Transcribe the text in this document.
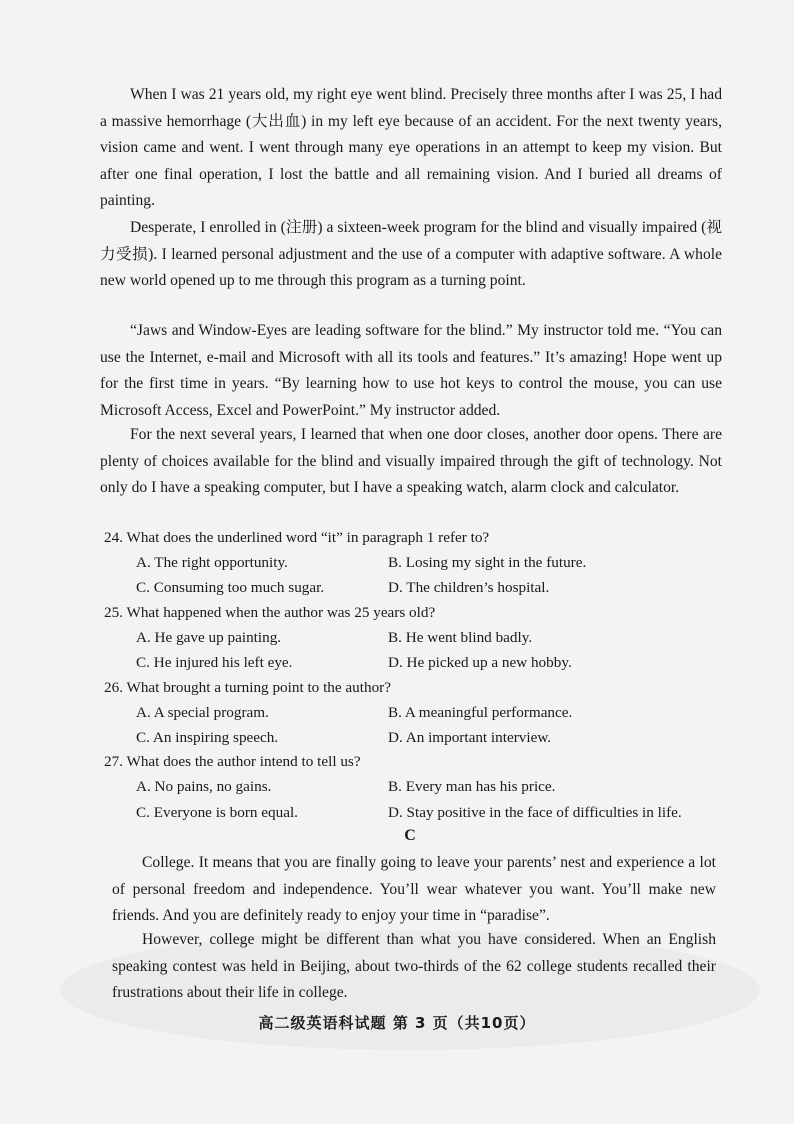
When I was 21 years old, my right eye went blind. Precisely three months after I was 25, I had a massive hemorrhage (大出血) in my left eye because of an accident. For the next twenty years, vision came and went. I went through many eye operations in an attempt to keep my vision. But after one final operation, I lost the battle and all remaining vision. And I buried all dreams of painting.

Desperate, I enrolled in (注册) a sixteen-week program for the blind and visually impaired (视力受损). I learned personal adjustment and the use of a computer with adaptive software. A whole new world opened up to me through this program as a turning point.

“Jaws and Window-Eyes are leading software for the blind.” My instructor told me. “You can use the Internet, e-mail and Microsoft with all its tools and features.” It’s amazing! Hope went up for the first time in years. “By learning how to use hot keys to control the mouse, you can use Microsoft Access, Excel and PowerPoint.” My instructor added.

For the next several years, I learned that when one door closes, another door opens. There are plenty of choices available for the blind and visually impaired through the gift of technology. Not only do I have a speaking computer, but I have a speaking watch, alarm clock and calculator.

24. What does the underlined word “it” in paragraph 1 refer to?

A. The right opportunity.	B. Losing my sight in the future.
C. Consuming too much sugar.	D. The children’s hospital.

25. What happened when the author was 25 years old?

A. He gave up painting.	B. He went blind badly.
C. He injured his left eye.	D. He picked up a new hobby.

26. What brought a turning point to the author?

A. A special program.	B. A meaningful performance.
C. An inspiring speech.	D. An important interview.

27. What does the author intend to tell us?

A. No pains, no gains.	B. Every man has his price.
C. Everyone is born equal.	D. Stay positive in the face of difficulties in life.
C

College. It means that you are finally going to leave your parents’ nest and experience a lot of personal freedom and independence. You’ll wear whatever you want. You’ll make new friends. And you are definitely ready to enjoy your time in “paradise”.

However, college might be different than what you have considered. When an English speaking contest was held in Beijing, about two-thirds of the 62 college students recalled their frustrations about their life in college.

高二级英语科试题 第 3 页（共10页）
